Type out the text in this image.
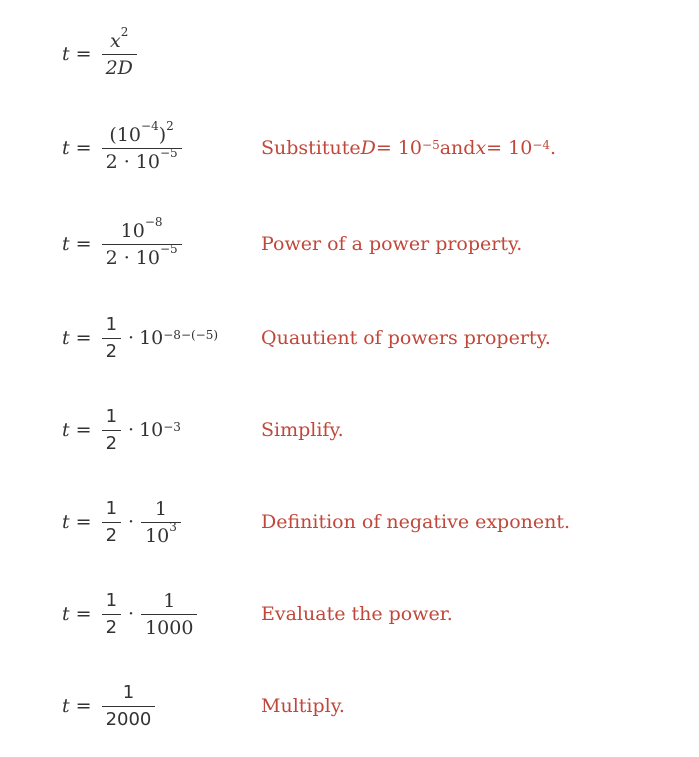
$t = \frac{x^2}{2D}$
$t = \frac{(10^{-4})^2}{2 \cdot 10^{-5}}$	Substitute $D = 10^{-5}$ and $x = 10^{-4}$ .
$t = \frac{10^{-8}}{2 \cdot 10^{-5}}$	Power of a power property.
$t = \frac{1}{2} \cdot 10^{-8-(-5)}$ Quautient of powers property.
$t = \frac{1}{2} \cdot 10^{-3}$	Simplify.
$t = \frac{1}{2} \cdot \frac{1}{10^3}$	Definition of negative exponent.
$t = \frac{1}{2} \cdot \frac{1}{1000}$	Evaluate the power.
$t = \frac{1}{2000}$	Multiply.
